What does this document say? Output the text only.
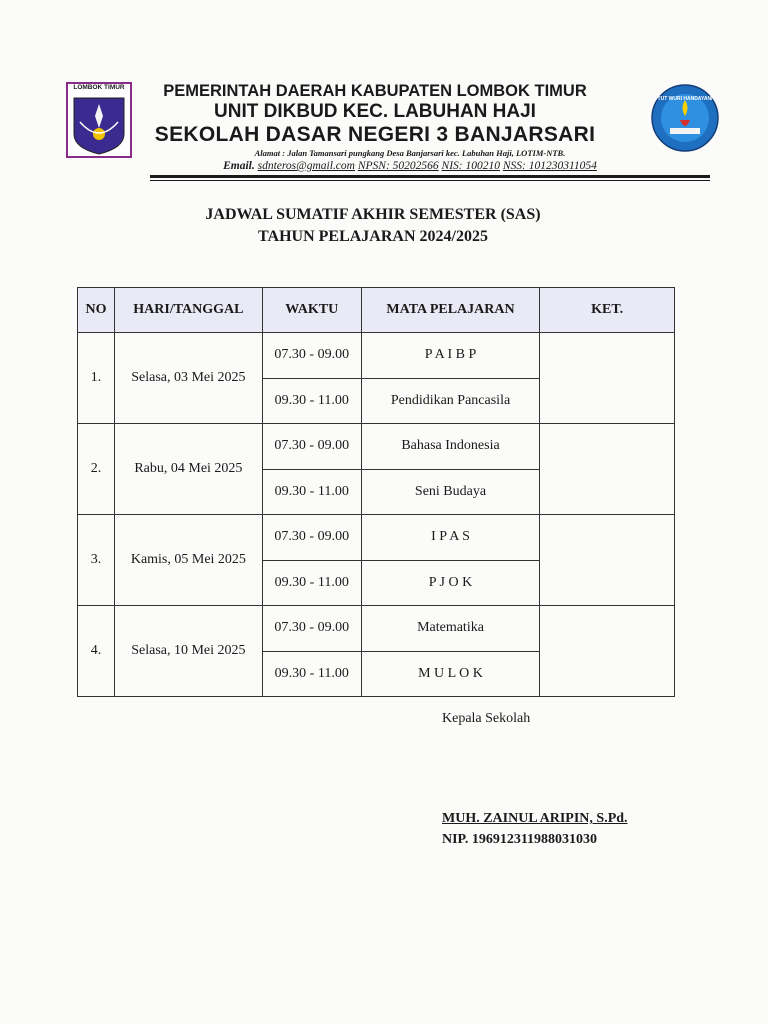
LOMBOK TIMUR
TUT WURI HANDAYANI

PEMERINTAH DAERAH KABUPATEN LOMBOK TIMUR

UNIT DIKBUD KEC. LABUHAN HAJI

SEKOLAH DASAR NEGERI 3 BANJARSARI

Alamat : Jalan Tamansari pungkang Desa Banjarsari kec. Labuhan Haji, LOTIM-NTB.
Email. sdnteros@gmail.com NPSN: 50202566 NIS: 100210 NSS: 101230311054
JADWAL SUMATIF AKHIR SEMESTER (SAS)
TAHUN PELAJARAN 2024/2025
NO	HARI/TANGGAL	WAKTU	MATA PELAJARAN	KET.
1.	Selasa, 03 Mei 2025	07.30 - 09.00	P A I B P	
		09.30 - 11.00	Pendidikan Pancasila	
2.	Rabu, 04 Mei 2025	07.30 - 09.00	Bahasa Indonesia	
		09.30 - 11.00	Seni Budaya	
3.	Kamis, 05 Mei 2025	07.30 - 09.00	I P A S	
		09.30 - 11.00	P J O K	
4.	Selasa, 10 Mei 2025	07.30 - 09.00	Matematika	
		09.30 - 11.00	M U L O K	
Kepala Sekolah
MUH. ZAINUL ARIPIN, S.Pd.
NIP. 196912311988031030
